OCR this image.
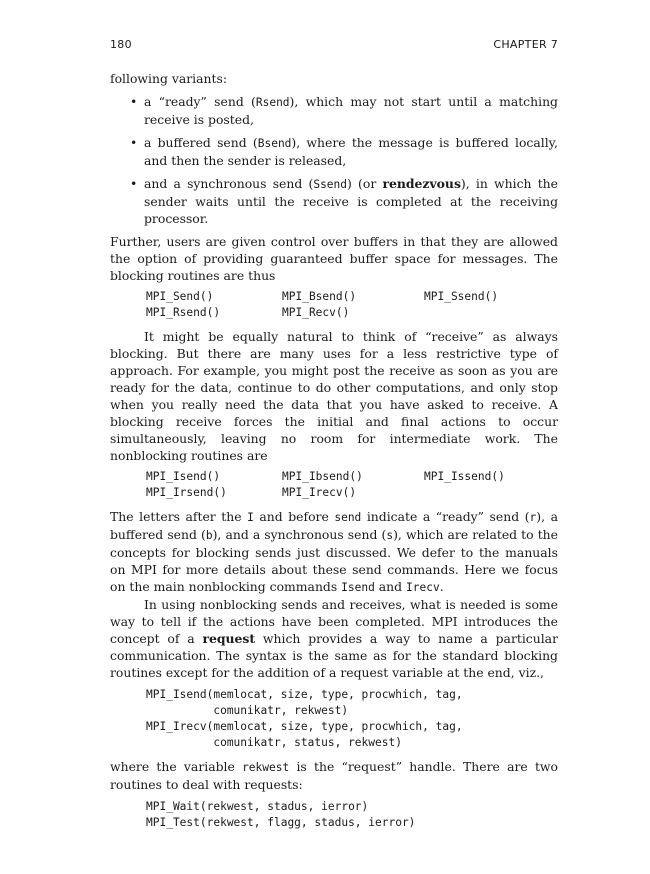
180	CHAPTER 7

following variants:

• a “ready” send (Rsend), which may not start until a matching receive is posted,
• a buffered send (Bsend), where the message is buffered locally, and then the sender is released,
• and a synchronous send (Ssend) (or rendezvous), in which the sender waits until the receive is completed at the receiving processor.

Further, users are given control over buffers in that they are allowed the option of providing guaranteed buffer space for messages. The blocking routines are thus

MPI_Send()	MPI_Bsend()	MPI_Ssend()
MPI_Rsend()	MPI_Recv()

It might be equally natural to think of “receive” as always blocking. But there are many uses for a less restrictive type of approach. For example, you might post the receive as soon as you are ready for the data, continue to do other computations, and only stop when you really need the data that you have asked to receive. A blocking receive forces the initial and final actions to occur simultaneously, leaving no room for intermediate work. The nonblocking routines are

MPI_Isend()	MPI_Ibsend()	MPI_Issend()
MPI_Irsend()	MPI_Irecv()

The letters after the I and before send indicate a “ready” send (r), a buffered send (b), and a synchronous send (s), which are related to the concepts for blocking sends just discussed. We defer to the manuals on MPI for more details about these send commands. Here we focus on the main nonblocking commands Isend and Irecv.

In using nonblocking sends and receives, what is needed is some way to tell if the actions have been completed. MPI introduces the concept of a request which provides a way to name a particular communication. The syntax is the same as for the standard blocking routines except for the addition of a request variable at the end, viz.,

MPI_Isend(memlocat, size, type, procwhich, tag,
comunikatr, rekwest)
MPI_Irecv(memlocat, size, type, procwhich, tag,
comunikatr, status, rekwest)

where the variable rekwest is the “request” handle. There are two routines to deal with requests:

MPI_Wait(rekwest, stadus, ierror)
MPI_Test(rekwest, flagg, stadus, ierror)
